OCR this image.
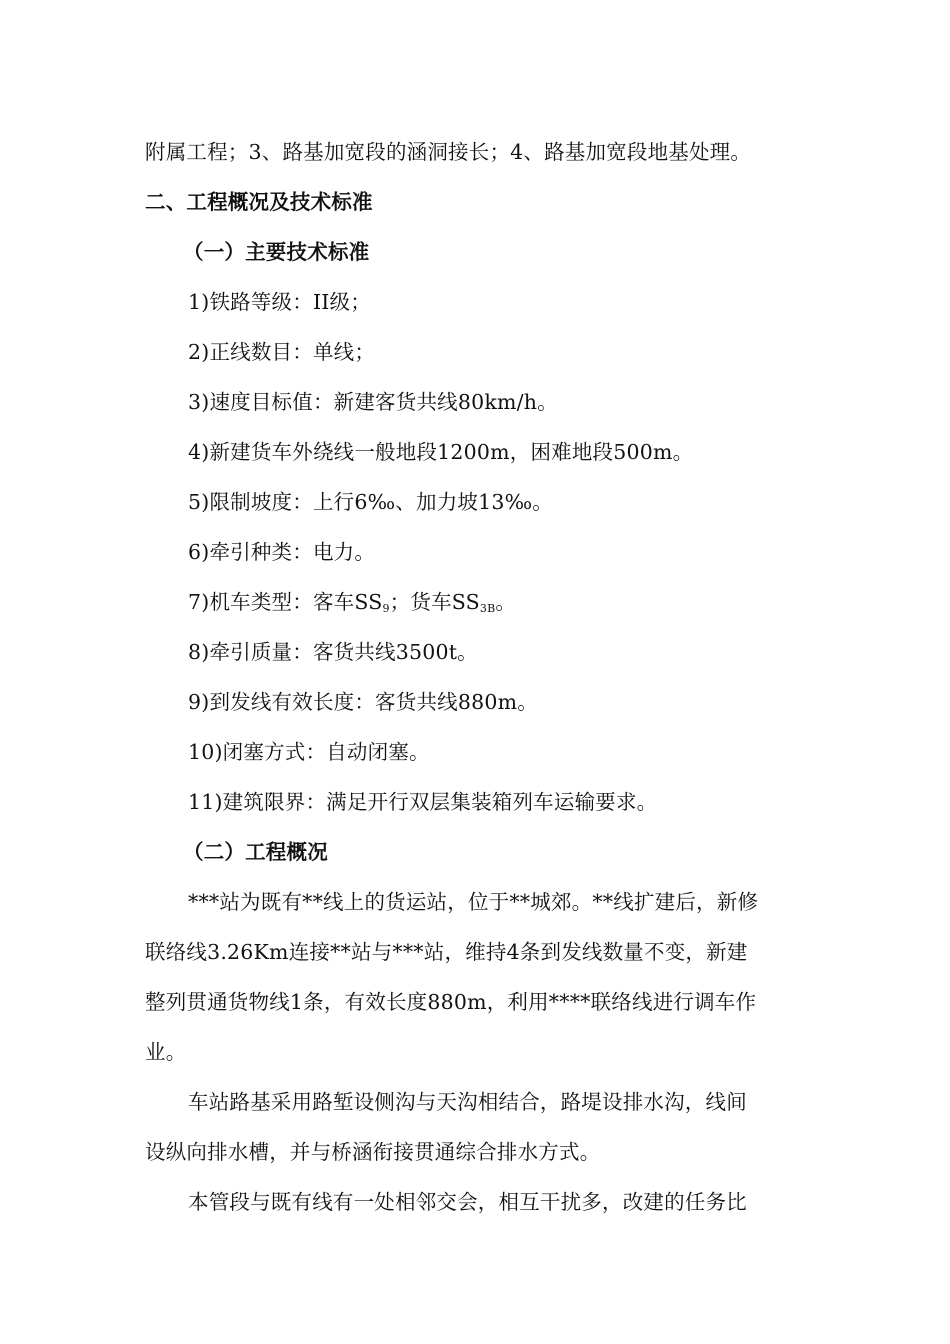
附属工程；3、路基加宽段的涵洞接长；4、路基加宽段地基处理。
二、工程概况及技术标准
（一）主要技术标准
1)铁路等级：II级；
2)正线数目：单线；
3)速度目标值：新建客货共线80km/h。
4)新建货车外绕线一般地段1200m，困难地段500m。
5)限制坡度：上行6‰、加力坡13‰。
6)牵引种类：电力。
7)机车类型：客车$SS_9$；货车$SS_{3B}$。
8)牵引质量：客货共线3500t。
9)到发线有效长度：客货共线880m。
10)闭塞方式：自动闭塞。
11)建筑限界：满足开行双层集装箱列车运输要求。
（二）工程概况
***站为既有**线上的货运站，位于**城郊。**线扩建后，新修
联络线3.26Km连接**站与***站，维持4条到发线数量不变，新建
整列贯通货物线1条，有效长度880m，利用****联络线进行调车作
业。
车站路基采用路堑设侧沟与天沟相结合，路堤设排水沟，线间
设纵向排水槽，并与桥涵衔接贯通综合排水方式。
本管段与既有线有一处相邻交会，相互干扰多，改建的任务比
